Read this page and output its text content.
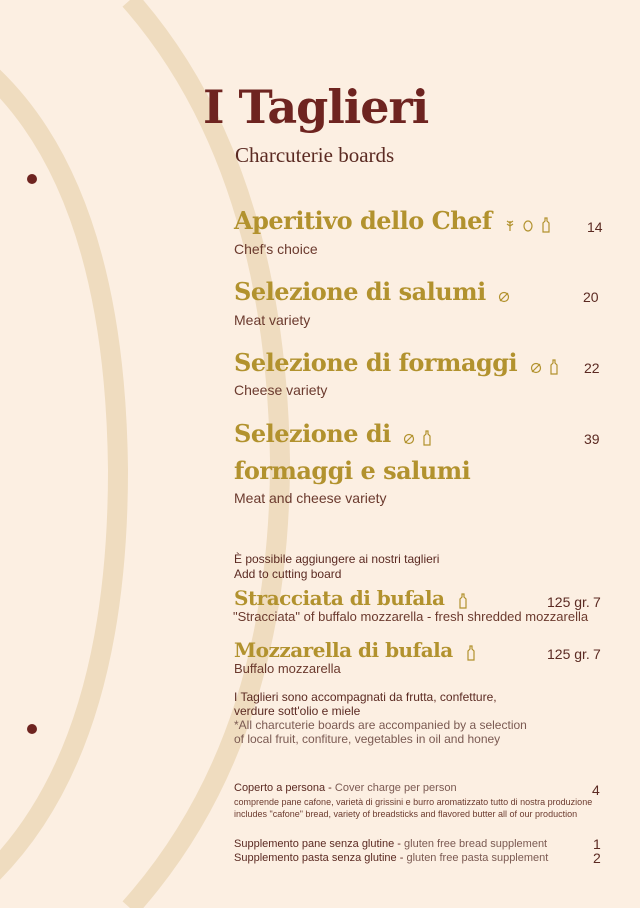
I Taglieri
Charcuterie boards
Aperitivo dello Chef
Chef's choice
14
Selezione di salumi
Meat variety
20
Selezione di formaggi
Cheese variety
22
Selezione di
formaggi e salumi
Meat and cheese variety
39
È possibile aggiungere ai nostri taglieri
Add to cutting board
Stracciata di bufala	125 gr. 7
"Stracciata" of buffalo mozzarella - fresh shredded mozzarella
Mozzarella di bufala	125 gr. 7
Buffalo mozzarella
I Taglieri sono accompagnati da frutta, confetture,
verdure sott'olio e miele
*All charcuterie boards are accompanied by a selection
of local fruit, confiture, vegetables in oil and honey
Coperto a persona - Cover charge per person	4
comprende pane cafone, varietà di grissini e burro aromatizzato tutto di nostra produzione
includes "cafone" bread, variety of breadsticks and flavored butter all of our production
Supplemento pane senza glutine - gluten free bread supplement	1
Supplemento pasta senza glutine - gluten free pasta supplement	2
